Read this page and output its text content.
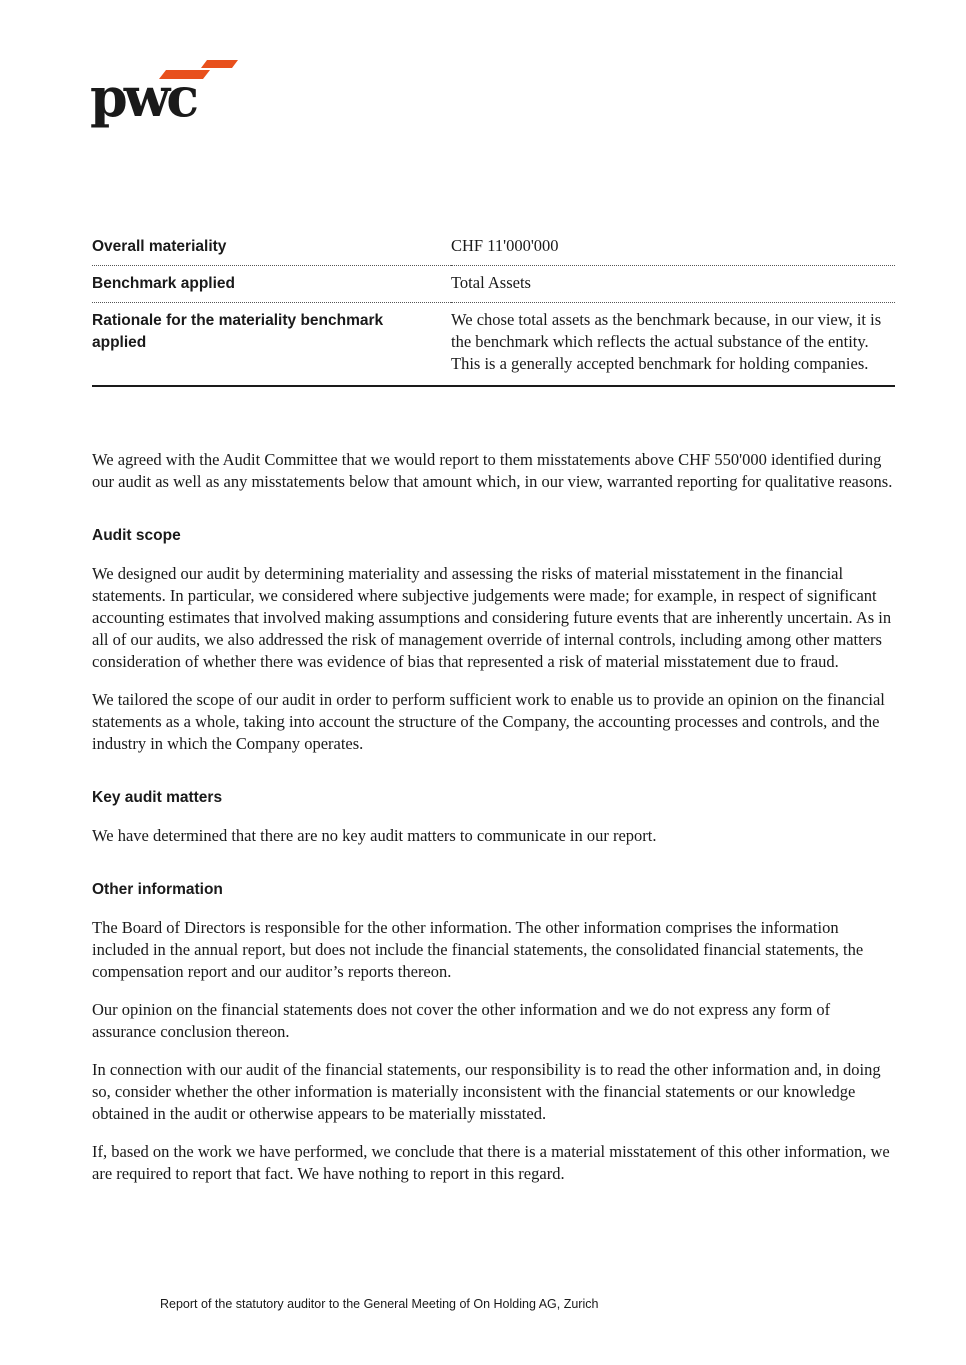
pwc
Overall materiality	CHF 11'000'000
Benchmark applied	Total Assets
Rationale for the materiality benchmark applied	We chose total assets as the benchmark because, in our view, it is the benchmark which reflects the actual substance of the entity. This is a generally accepted benchmark for holding companies.

We agreed with the Audit Committee that we would report to them misstatements above CHF 550'000 identified during our audit as well as any misstatements below that amount which, in our view, warranted reporting for qualitative reasons.

Audit scope

We designed our audit by determining materiality and assessing the risks of material misstatement in the financial statements. In particular, we considered where subjective judgements were made; for example, in respect of significant accounting estimates that involved making assumptions and considering future events that are inherently uncertain. As in all of our audits, we also addressed the risk of management override of internal controls, including among other matters consideration of whether there was evidence of bias that represented a risk of material misstatement due to fraud.

We tailored the scope of our audit in order to perform sufficient work to enable us to provide an opinion on the financial statements as a whole, taking into account the structure of the Company, the accounting processes and controls, and the industry in which the Company operates.

Key audit matters

We have determined that there are no key audit matters to communicate in our report.

Other information

The Board of Directors is responsible for the other information. The other information comprises the information included in the annual report, but does not include the financial statements, the consolidated financial statements, the compensation report and our auditor’s reports thereon.

Our opinion on the financial statements does not cover the other information and we do not express any form of assurance conclusion thereon.

In connection with our audit of the financial statements, our responsibility is to read the other information and, in doing so, consider whether the other information is materially inconsistent with the financial statements or our knowledge obtained in the audit or otherwise appears to be materially misstated.

If, based on the work we have performed, we conclude that there is a material misstatement of this other information, we are required to report that fact. We have nothing to report in this regard.

Report of the statutory auditor to the General Meeting of On Holding AG, Zurich
